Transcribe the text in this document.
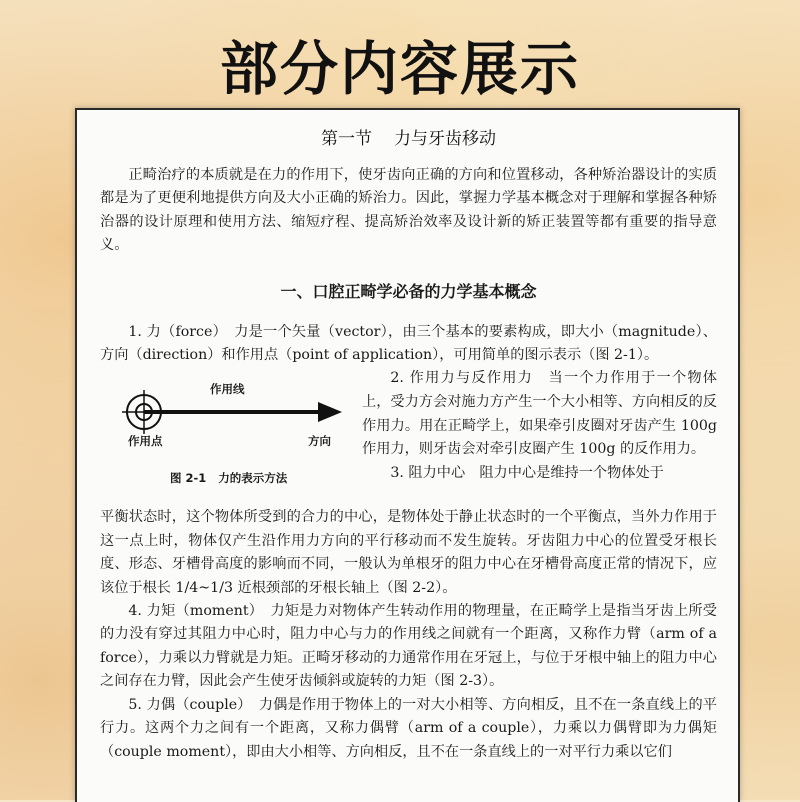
部分内容展示
第一节 力与牙齿移动

正畸治疗的本质就是在力的作用下，使牙齿向正确的方向和位置移动，各种矫治器设计的实质都是为了更便利地提供方向及大小正确的矫治力。因此，掌握力学基本概念对于理解和掌握各种矫治器的设计原理和使用方法、缩短疗程、提高矫治效率及设计新的矫正装置等都有重要的指导意义。

一、口腔正畸学必备的力学基本概念

1. 力（force）　力是一个矢量（vector），由三个基本的要素构成，即大小（magnitude）、方向（direction）和作用点（point of application），可用简单的图示表示（图 2-1）。

作用线
作用点	方向
图 2-1 力的表示方法

2. 作用力与反作用力　当一个力作用于一个物体上，受力方会对施力方产生一个大小相等、方向相反的反作用力。用在正畸学上，如果牵引皮圈对牙齿产生 100g 作用力，则牙齿会对牵引皮圈产生 100g 的反作用力。

3. 阻力中心　阻力中心是维持一个物体处于

平衡状态时，这个物体所受到的合力的中心，是物体处于静止状态时的一个平衡点，当外力作用于这一点上时，物体仅产生沿作用力方向的平行移动而不发生旋转。牙齿阻力中心的位置受牙根长度、形态、牙槽骨高度的影响而不同，一般认为单根牙的阻力中心在牙槽骨高度正常的情况下，应该位于根长 1/4~1/3 近根颈部的牙根长轴上（图 2-2）。

4. 力矩（moment）　力矩是力对物体产生转动作用的物理量，在正畸学上是指当牙齿上所受的力没有穿过其阻力中心时，阻力中心与力的作用线之间就有一个距离，又称作力臂（arm of a force），力乘以力臂就是力矩。正畸牙移动的力通常作用在牙冠上，与位于牙根中轴上的阻力中心之间存在力臂，因此会产生使牙齿倾斜或旋转的力矩（图 2-3）。

5. 力偶（couple）　力偶是作用于物体上的一对大小相等、方向相反，且不在一条直线上的平行力。这两个力之间有一个距离，又称力偶臂（arm of a couple），力乘以力偶臂即为力偶矩（couple moment），即由大小相等、方向相反，且不在一条直线上的一对平行力乘以它们
